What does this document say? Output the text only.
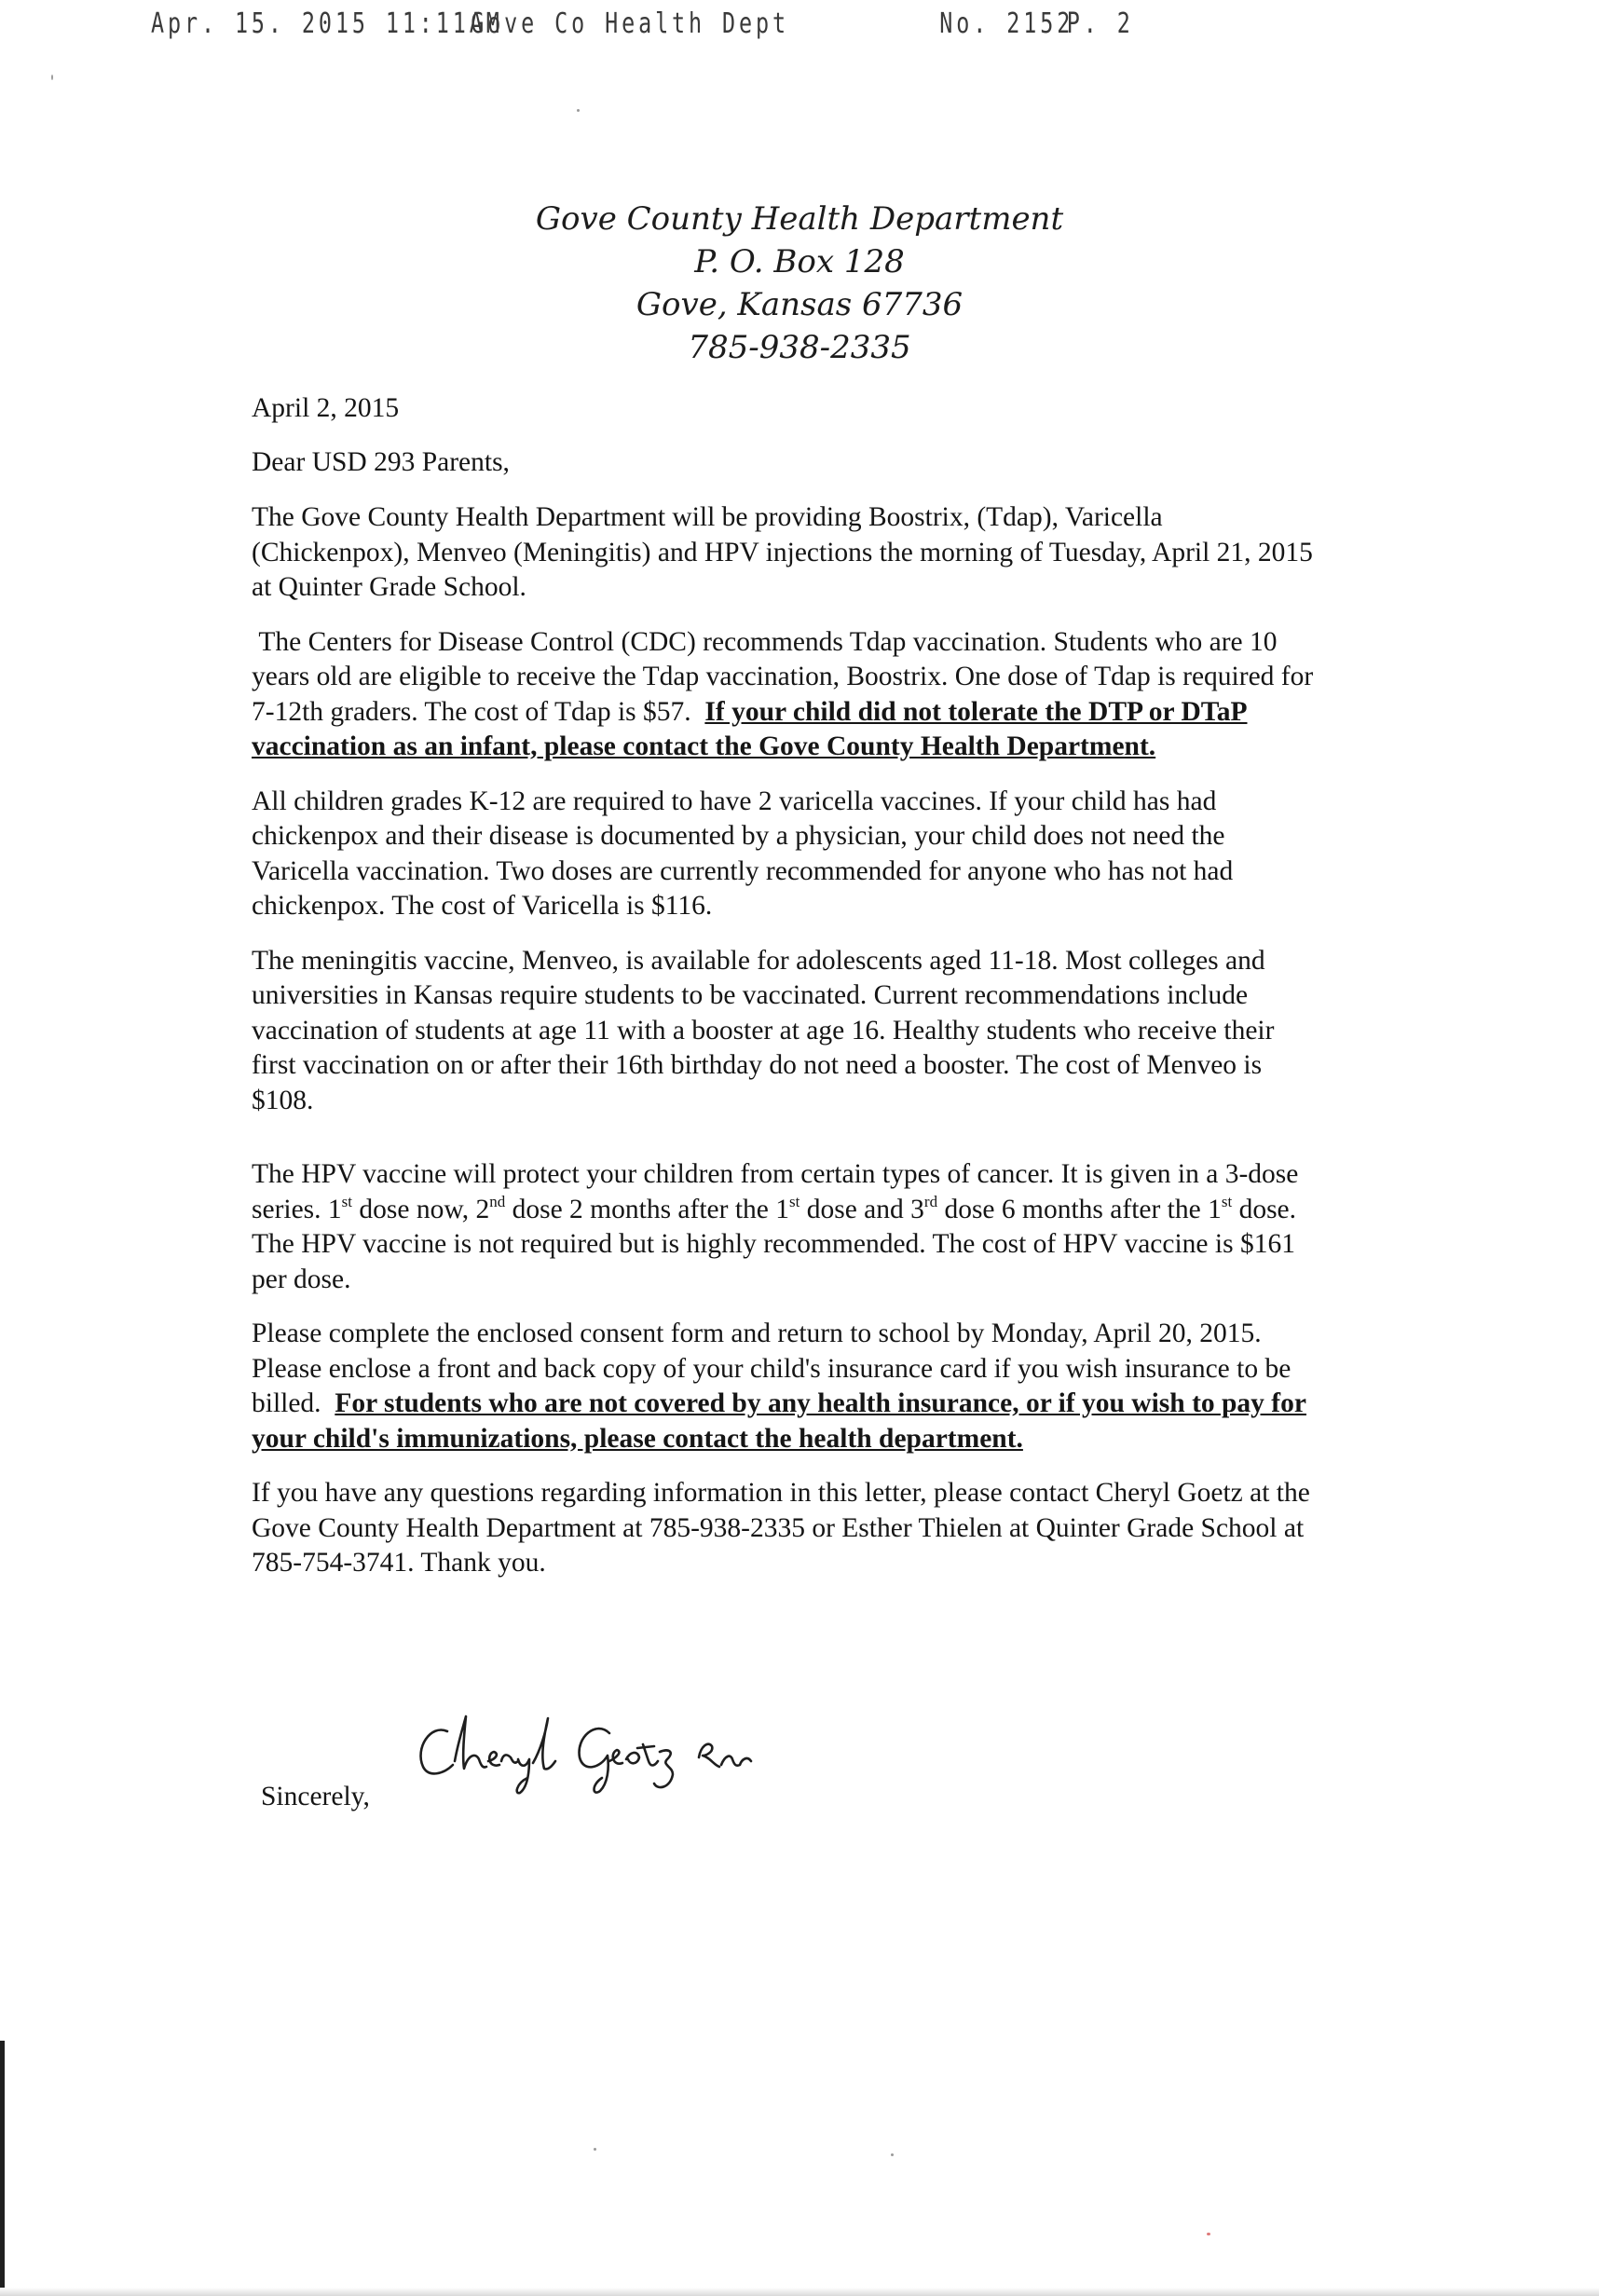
Apr. 15. 2015 11:11AM
Gove Co Health Dept	No. 2152
P. 2
Gove County Health Department
P. O. Box 128
Gove, Kansas 67736
785-938-2335

April 2, 2015

Dear USD 293 Parents,

The Gove County Health Department will be providing Boostrix, (Tdap), Varicella (Chickenpox), Menveo (Meningitis) and HPV injections the morning of Tuesday, April 21, 2015 at Quinter Grade School.

The Centers for Disease Control (CDC) recommends Tdap vaccination. Students who are 10 years old are eligible to receive the Tdap vaccination, Boostrix. One dose of Tdap is required for 7-12th graders. The cost of Tdap is $57. If your child did not tolerate the DTP or DTaP vaccination as an infant, please contact the Gove County Health Department.

All children grades K-12 are required to have 2 varicella vaccines. If your child has had chickenpox and their disease is documented by a physician, your child does not need the Varicella vaccination. Two doses are currently recommended for anyone who has not had chickenpox. The cost of Varicella is $116.

The meningitis vaccine, Menveo, is available for adolescents aged 11-18. Most colleges and universities in Kansas require students to be vaccinated. Current recommendations include vaccination of students at age 11 with a booster at age 16. Healthy students who receive their first vaccination on or after their 16th birthday do not need a booster. The cost of Menveo is $108.

The HPV vaccine will protect your children from certain types of cancer. It is given in a 3-dose series. 1st dose now, 2nd dose 2 months after the 1st dose and 3rd dose 6 months after the 1st dose. The HPV vaccine is not required but is highly recommended. The cost of HPV vaccine is $161 per dose.

Please complete the enclosed consent form and return to school by Monday, April 20, 2015. Please enclose a front and back copy of your child's insurance card if you wish insurance to be billed. For students who are not covered by any health insurance, or if you wish to pay for your child's immunizations, please contact the health department.

If you have any questions regarding information in this letter, please contact Cheryl Goetz at the Gove County Health Department at 785-938-2335 or Esther Thielen at Quinter Grade School at 785-754-3741. Thank you.

Sincerely,
